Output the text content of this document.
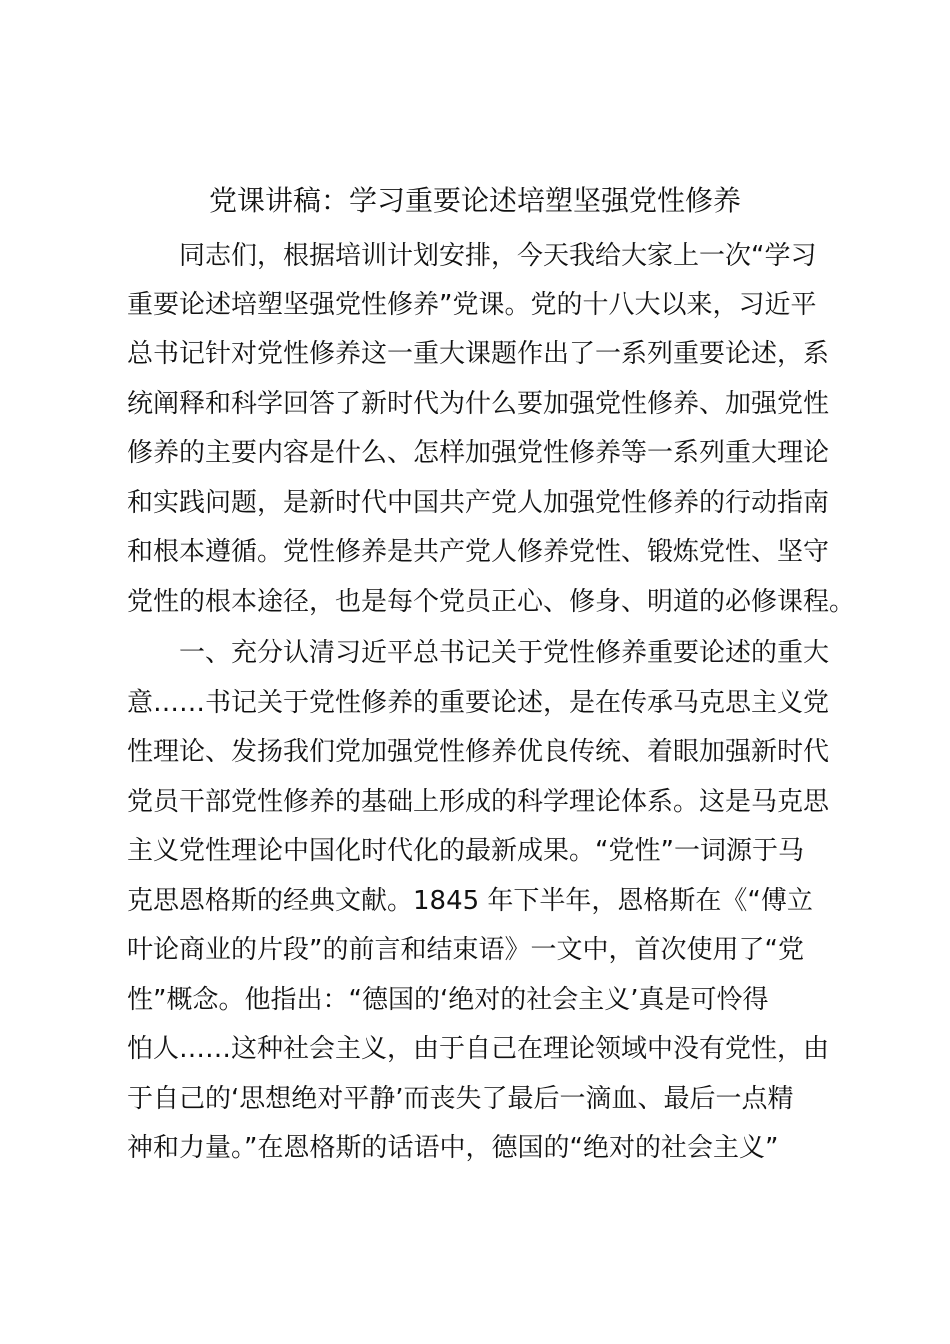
党课讲稿：学习重要论述培塑坚强党性修养

同志们，根据培训计划安排，今天我给大家上一次“学习

重要论述培塑坚强党性修养”党课。党的十八大以来，习近平

总书记针对党性修养这一重大课题作出了一系列重要论述，系

统阐释和科学回答了新时代为什么要加强党性修养、加强党性

修养的主要内容是什么、怎样加强党性修养等一系列重大理论

和实践问题，是新时代中国共产党人加强党性修养的行动指南

和根本遵循。党性修养是共产党人修养党性、锻炼党性、坚守

党性的根本途径，也是每个党员正心、修身、明道的必修课程。

一、充分认清习近平总书记关于党性修养重要论述的重大

意……书记关于党性修养的重要论述，是在传承马克思主义党

性理论、发扬我们党加强党性修养优良传统、着眼加强新时代

党员干部党性修养的基础上形成的科学理论体系。这是马克思

主义党性理论中国化时代化的最新成果。“党性”一词源于马

克思恩格斯的经典文献。1845 年下半年，恩格斯在《“傅立

叶论商业的片段”的前言和结束语》一文中，首次使用了“党

性”概念。他指出：“德国的‘绝对的社会主义’真是可怜得

怕人……这种社会主义，由于自己在理论领域中没有党性，由

于自己的‘思想绝对平静’而丧失了最后一滴血、最后一点精

神和力量。”在恩格斯的话语中，德国的“绝对的社会主义”
